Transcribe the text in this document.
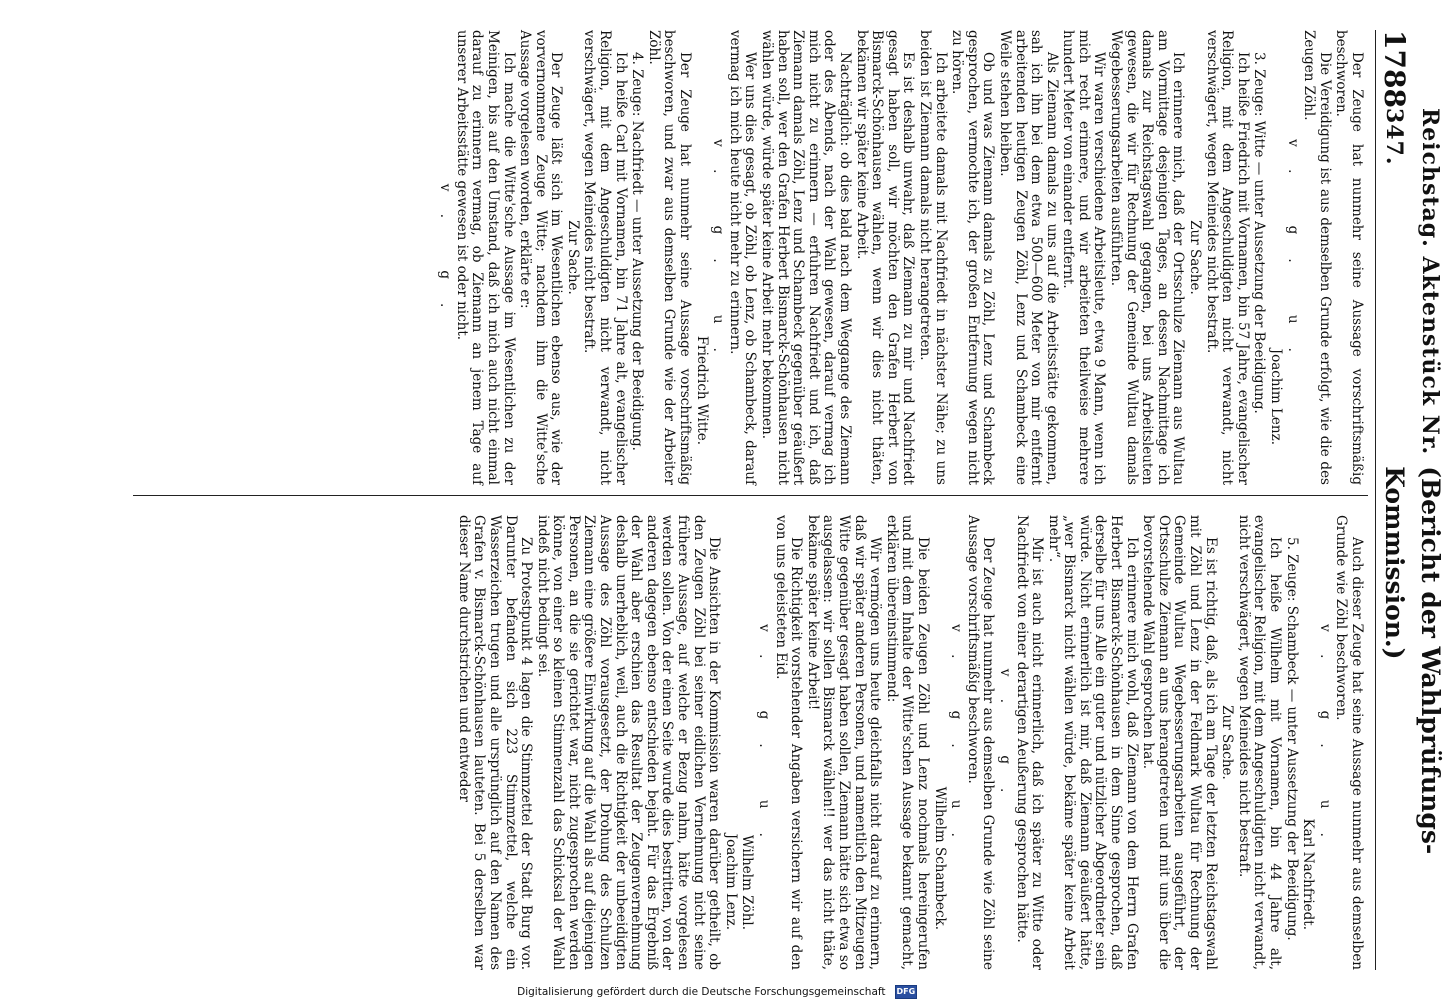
1788
Reichstag. Aktenstück Nr. 347.
(Bericht der Wahlprüfungs-Kommission.)

Der Zeuge hat nunmehr seine Aussage vorschriftsmäßig beschworen.

Die Vereidigung ist aus demselben Grunde erfolgt, wie die des Zeugen Zöhl.

v. g. u.

Joachim Lenz.

3. Zeuge: Witte — unter Aussetzung der Beeidigung.

Ich heiße Friedrich mit Vornamen, bin 57 Jahre, evangelischer Religion, mit dem Angeschuldigten nicht verwandt, nicht verschwägert, wegen Meineides nicht bestraft.

Zur Sache.

Ich erinnere mich, daß der Ortsschulze Ziemann aus Wultau am Vormittage desjenigen Tages, an dessen Nachmittage ich damals zur Reichstagswahl gegangen, bei uns Arbeitsleuten gewesen, die wir für Rechnung der Gemeinde Wultau damals Wegebesserungsarbeiten ausführten.

Wir waren verschiedene Arbeitsleute, etwa 9 Mann, wenn ich mich recht erinnere, und wir arbeiteten theilweise mehrere hundert Meter von einander entfernt.

Als Ziemann damals zu uns auf die Arbeitsstätte gekommen, sah ich ihn bei dem etwa 500—600 Meter von mir entfernt arbeitenden heutigen Zeugen Zöhl, Lenz und Schambeck eine Weile stehen bleiben.

Ob und was Ziemann damals zu Zöhl, Lenz und Schambeck gesprochen, vermochte ich, der großen Entfernung wegen nicht zu hören.

Ich arbeitete damals mit Nachfriedt in nächster Nähe; zu uns beiden ist Ziemann damals nicht herangetreten.

Es ist deshalb unwahr, daß Ziemann zu mir und Nachfriedt gesagt haben soll, wir möchten den Grafen Herbert von Bismarck-Schönhausen wählen, wenn wir dies nicht thäten, bekämen wir später keine Arbeit.

Nachträglich: ob dies bald nach dem Weggange des Ziemann oder des Abends, nach der Wahl gewesen, darauf vermag ich mich nicht zu erinnern — erfuhren Nachfriedt und ich, daß Ziemann damals Zöhl, Lenz und Schambeck gegenüber geäußert haben soll, wer den Grafen Herbert Bismarck-Schönhausen nicht wählen würde, würde später keine Arbeit mehr bekommen.

Wer uns dies gesagt, ob Zöhl, ob Lenz, ob Schambeck, darauf vermag ich mich heute nicht mehr zu erinnern.

v. g. u.

Friedrich Witte.

Der Zeuge hat nunmehr seine Aussage vorschriftsmäßig beschworen, und zwar aus demselben Grunde wie der Arbeiter Zöhl.

4. Zeuge: Nachfriedt — unter Aussetzung der Beeidigung.

Ich heiße Carl mit Vornamen, bin 71 Jahre alt, evangelischer Religion, mit dem Angeschuldigten nicht verwandt, nicht verschwägert, wegen Meineides nicht bestraft.

Zur Sache.

Der Zeuge läßt sich im Wesentlichen ebenso aus, wie der vorvernommene Zeuge Witte; nachdem ihm die Witte'sche Aussage vorgelesen worden, erklärte er:

Ich mache die Witte'sche Aussage im Wesentlichen zu der Meinigen, bis auf den Umstand, daß ich mich auch nicht einmal darauf zu erinnern vermag, ob Ziemann an jenem Tage auf unserer Arbeitsstätte gewesen ist oder nicht.

v. g.

Auch dieser Zeuge hat seine Aussage nunmehr aus demselben Grunde wie Zöhl beschworen.

v. g. u.

Karl Nachfriedt.

5. Zeuge: Schambeck — unter Aussetzung der Beeidigung.

Ich heiße Wilhelm mit Vornamen, bin 44 Jahre alt, evangelischer Religion, mit dem Angeschuldigten nicht verwandt, nicht verschwägert, wegen Meineides nicht bestraft.

Zur Sache.

Es ist richtig, daß, als ich am Tage der letzten Reichstagswahl mit Zöhl und Lenz in der Feldmark Wultau für Rechnung der Gemeinde Wultau Wegebesserungsarbeiten ausgeführt, der Ortsschulze Ziemann an uns herangetreten und mit uns über die bevorstehende Wahl gesprochen hat.

Ich erinnere mich wohl, daß Ziemann von dem Herrn Grafen Herbert Bismarck-Schönhausen in dem Sinne gesprochen, daß derselbe für uns Alle ein guter und nützlicher Abgeordneter sein würde. Nicht erinnerlich ist mir, daß Ziemann geäußert hätte, „wer Bismarck nicht wählen würde, bekäme später keine Arbeit mehr“.

Mir ist auch nicht erinnerlich, daß ich später zu Witte oder Nachfriedt von einer derartigen Aeußerung gesprochen hätte.

v. g.

Der Zeuge hat nunmehr aus demselben Grunde wie Zöhl seine Aussage vorschriftsmäßig beschworen.

v. g. u.

Wilhelm Schambeck.

Die beiden Zeugen Zöhl und Lenz nochmals hereingerufen und mit dem Inhalte der Witte'schen Aussage bekannt gemacht, erklären übereinstimmend:

Wir vermögen uns heute gleichfalls nicht darauf zu erinnern, daß wir später anderen Personen, und namentlich den Mitzeugen Witte gegenüber gesagt haben sollen, Ziemann hätte sich etwa so ausgelassen: wir sollen Bismarck wählen!! wer das nicht thäte, bekäme später keine Arbeit!

Die Richtigkeit vorstehender Angaben versichern wir auf den von uns geleisteten Eid.

v. g. u.

Wilhelm Zöhl.

Joachim Lenz.

Die Ansichten in der Kommission waren darüber getheilt, ob den Zeugen Zöhl bei seiner eidlichen Vernehmung nicht seine frühere Aussage, auf welche er Bezug nahm, hätte vorgelesen werden sollen. Von der einen Seite wurde dies bestritten, von der anderen dagegen ebenso entschieden bejaht. Für das Ergebniß der Wahl aber erschien das Resultat der Zeugenvernehmung deshalb unerheblich, weil, auch die Richtigkeit der unbeeidigten Aussage des Zöhl vorausgesetzt, der Drohung des Schulzen Ziemann eine größere Einwirkung auf die Wahl als auf diejenigen Personen, an die sie gerichtet war, nicht zugesprochen werden könne, von einer so kleinen Stimmenzahl das Schicksal der Wahl indeß nicht bedingt sei.

Zu Protestpunkt 4 lagen die Stimmzettel der Stadt Burg vor. Darunter befanden sich 223 Stimmzettel, welche ein Wasserzeichen trugen und alle ursprünglich auf den Namen des Grafen v. Bismarck-Schönhausen lauteten. Bei 5 derselben war dieser Name durchstrichen und entweder

Digitalisierung gefördert durch die Deutsche Forschungsgemeinschaft DFG
